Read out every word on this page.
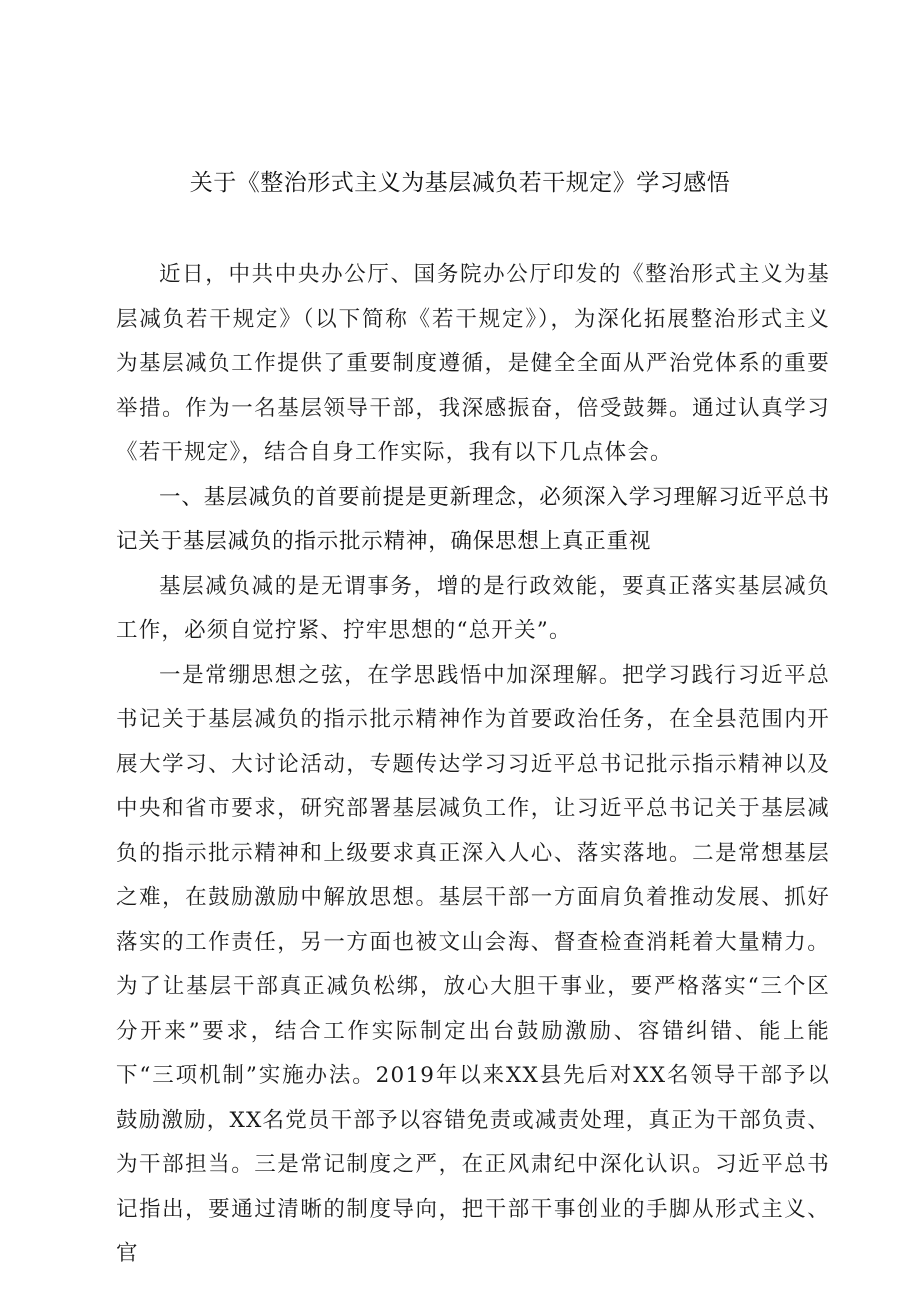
关于《整治形式主义为基层减负若干规定》学习感悟

近日，中共中央办公厅、国务院办公厅印发的《整治形式主义为基层减负若干规定》（以下简称《若干规定》），为深化拓展整治形式主义为基层减负工作提供了重要制度遵循，是健全全面从严治党体系的重要举措。作为一名基层领导干部，我深感振奋，倍受鼓舞。通过认真学习《若干规定》，结合自身工作实际，我有以下几点体会。

一、基层减负的首要前提是更新理念，必须深入学习理解习近平总书记关于基层减负的指示批示精神，确保思想上真正重视

基层减负减的是无谓事务，增的是行政效能，要真正落实基层减负工作，必须自觉拧紧、拧牢思想的“总开关”。

一是常绷思想之弦，在学思践悟中加深理解。把学习践行习近平总书记关于基层减负的指示批示精神作为首要政治任务，在全县范围内开展大学习、大讨论活动，专题传达学习习近平总书记批示指示精神以及中央和省市要求，研究部署基层减负工作，让习近平总书记关于基层减负的指示批示精神和上级要求真正深入人心、落实落地。二是常想基层之难，在鼓励激励中解放思想。基层干部一方面肩负着推动发展、抓好落实的工作责任，另一方面也被文山会海、督查检查消耗着大量精力。为了让基层干部真正减负松绑，放心大胆干事业，要严格落实“三个区分开来”要求，结合工作实际制定出台鼓励激励、容错纠错、能上能下“三项机制”实施办法。2019年以来XX县先后对XX名领导干部予以鼓励激励，XX名党员干部予以容错免责或减责处理，真正为干部负责、为干部担当。三是常记制度之严，在正风肃纪中深化认识。习近平总书记指出，要通过清晰的制度导向，把干部干事创业的手脚从形式主义、官
